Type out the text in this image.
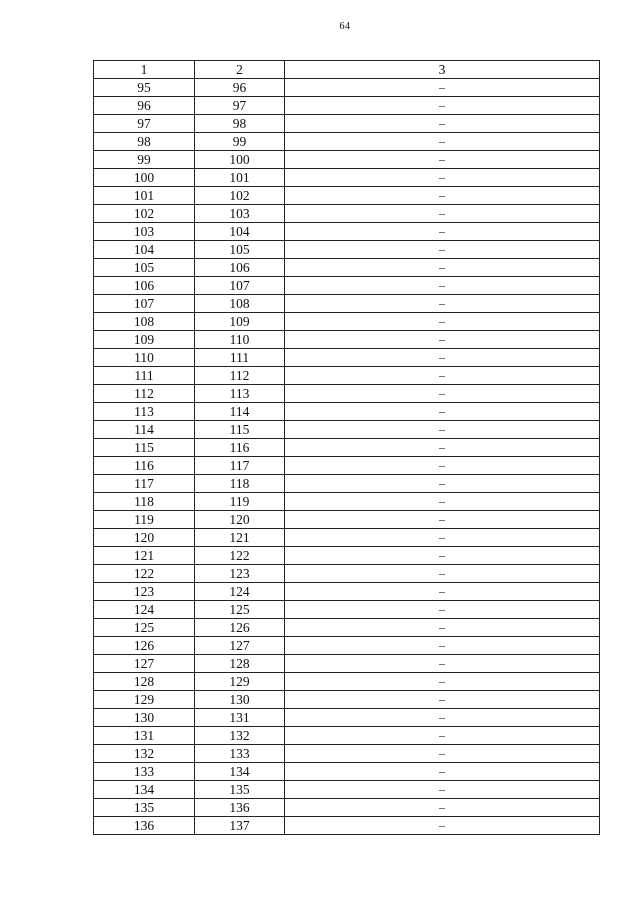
64
1	2	3
95	96	–
96	97	–
97	98	–
98	99	–
99	100	–
100	101	–
101	102	–
102	103	–
103	104	–
104	105	–
105	106	–
106	107	–
107	108	–
108	109	–
109	110	–
110	111	–
111	112	–
112	113	–
113	114	–
114	115	–
115	116	–
116	117	–
117	118	–
118	119	–
119	120	–
120	121	–
121	122	–
122	123	–
123	124	–
124	125	–
125	126	–
126	127	–
127	128	–
128	129	–
129	130	–
130	131	–
131	132	–
132	133	–
133	134	–
134	135	–
135	136	–
136	137	–
